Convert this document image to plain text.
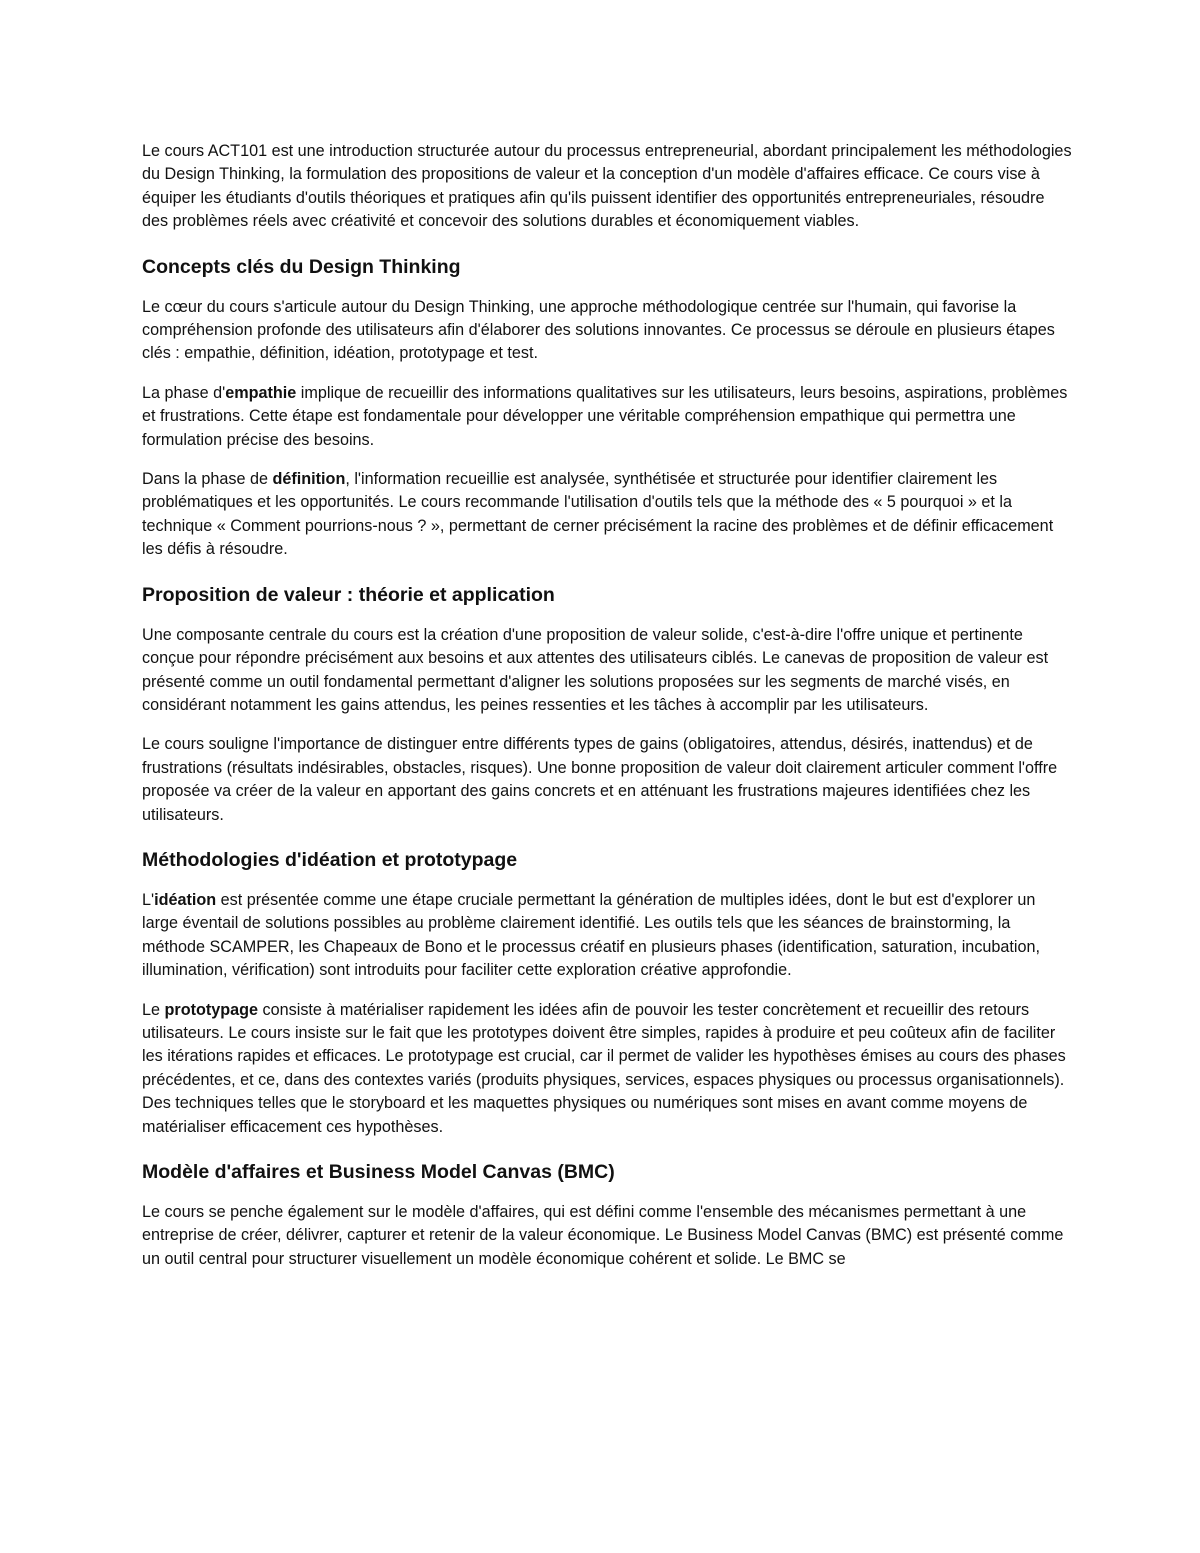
Le cours ACT101 est une introduction structurée autour du processus entrepreneurial, abordant principalement les méthodologies du Design Thinking, la formulation des propositions de valeur et la conception d'un modèle d'affaires efficace. Ce cours vise à équiper les étudiants d'outils théoriques et pratiques afin qu'ils puissent identifier des opportunités entrepreneuriales, résoudre des problèmes réels avec créativité et concevoir des solutions durables et économiquement viables.

Concepts clés du Design Thinking

Le cœur du cours s'articule autour du Design Thinking, une approche méthodologique centrée sur l'humain, qui favorise la compréhension profonde des utilisateurs afin d'élaborer des solutions innovantes. Ce processus se déroule en plusieurs étapes clés : empathie, définition, idéation, prototypage et test.

La phase d'empathie implique de recueillir des informations qualitatives sur les utilisateurs, leurs besoins, aspirations, problèmes et frustrations. Cette étape est fondamentale pour développer une véritable compréhension empathique qui permettra une formulation précise des besoins.

Dans la phase de définition, l'information recueillie est analysée, synthétisée et structurée pour identifier clairement les problématiques et les opportunités. Le cours recommande l'utilisation d'outils tels que la méthode des « 5 pourquoi » et la technique « Comment pourrions-nous ? », permettant de cerner précisément la racine des problèmes et de définir efficacement les défis à résoudre.

Proposition de valeur : théorie et application

Une composante centrale du cours est la création d'une proposition de valeur solide, c'est-à-dire l'offre unique et pertinente conçue pour répondre précisément aux besoins et aux attentes des utilisateurs ciblés. Le canevas de proposition de valeur est présenté comme un outil fondamental permettant d'aligner les solutions proposées sur les segments de marché visés, en considérant notamment les gains attendus, les peines ressenties et les tâches à accomplir par les utilisateurs.

Le cours souligne l'importance de distinguer entre différents types de gains (obligatoires, attendus, désirés, inattendus) et de frustrations (résultats indésirables, obstacles, risques). Une bonne proposition de valeur doit clairement articuler comment l'offre proposée va créer de la valeur en apportant des gains concrets et en atténuant les frustrations majeures identifiées chez les utilisateurs.

Méthodologies d'idéation et prototypage

L'idéation est présentée comme une étape cruciale permettant la génération de multiples idées, dont le but est d'explorer un large éventail de solutions possibles au problème clairement identifié. Les outils tels que les séances de brainstorming, la méthode SCAMPER, les Chapeaux de Bono et le processus créatif en plusieurs phases (identification, saturation, incubation, illumination, vérification) sont introduits pour faciliter cette exploration créative approfondie.

Le prototypage consiste à matérialiser rapidement les idées afin de pouvoir les tester concrètement et recueillir des retours utilisateurs. Le cours insiste sur le fait que les prototypes doivent être simples, rapides à produire et peu coûteux afin de faciliter les itérations rapides et efficaces. Le prototypage est crucial, car il permet de valider les hypothèses émises au cours des phases précédentes, et ce, dans des contextes variés (produits physiques, services, espaces physiques ou processus organisationnels). Des techniques telles que le storyboard et les maquettes physiques ou numériques sont mises en avant comme moyens de matérialiser efficacement ces hypothèses.

Modèle d'affaires et Business Model Canvas (BMC)

Le cours se penche également sur le modèle d'affaires, qui est défini comme l'ensemble des mécanismes permettant à une entreprise de créer, délivrer, capturer et retenir de la valeur économique. Le Business Model Canvas (BMC) est présenté comme un outil central pour structurer visuellement un modèle économique cohérent et solide. Le BMC se
